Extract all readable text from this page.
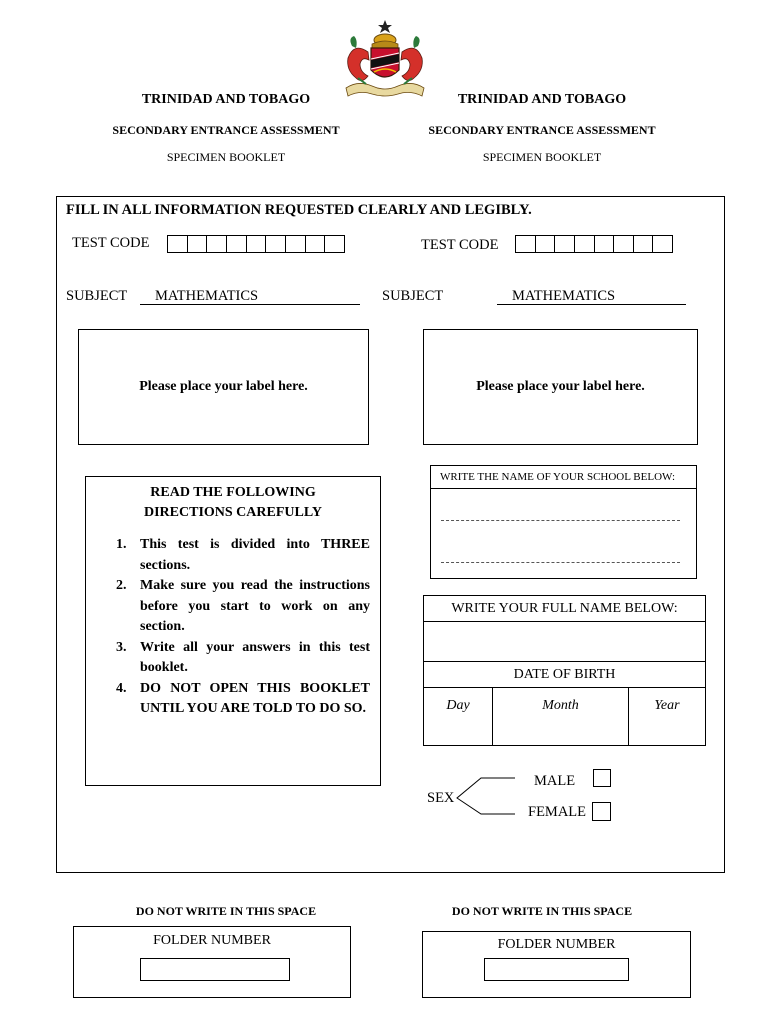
TRINIDAD AND TOBAGO
SECONDARY ENTRANCE ASSESSMENT
SPECIMEN BOOKLET
TRINIDAD AND TOBAGO
SECONDARY ENTRANCE ASSESSMENT
SPECIMEN BOOKLET
FILL IN ALL INFORMATION REQUESTED CLEARLY AND LEGIBLY.
TEST CODE	TEST CODE
SUBJECT MATHEMATICS	SUBJECT	MATHEMATICS
Please place your label here.	Please place your label here.
READ THE FOLLOWING
DIRECTIONS CAREFULLY
1. This test is divided into THREE sections.
2. Make sure you read the instructions before you start to work on any section.
3. Write all your answers in this test booklet.
4. DO NOT OPEN THIS BOOKLET UNTIL YOU ARE TOLD TO DO SO.
WRITE THE NAME OF YOUR SCHOOL BELOW:
WRITE YOUR FULL NAME BELOW:
DATE OF BIRTH
Day	Month	Year
SEX
MALE
FEMALE
DO NOT WRITE IN THIS SPACE
FOLDER NUMBER
DO NOT WRITE IN THIS SPACE
FOLDER NUMBER
